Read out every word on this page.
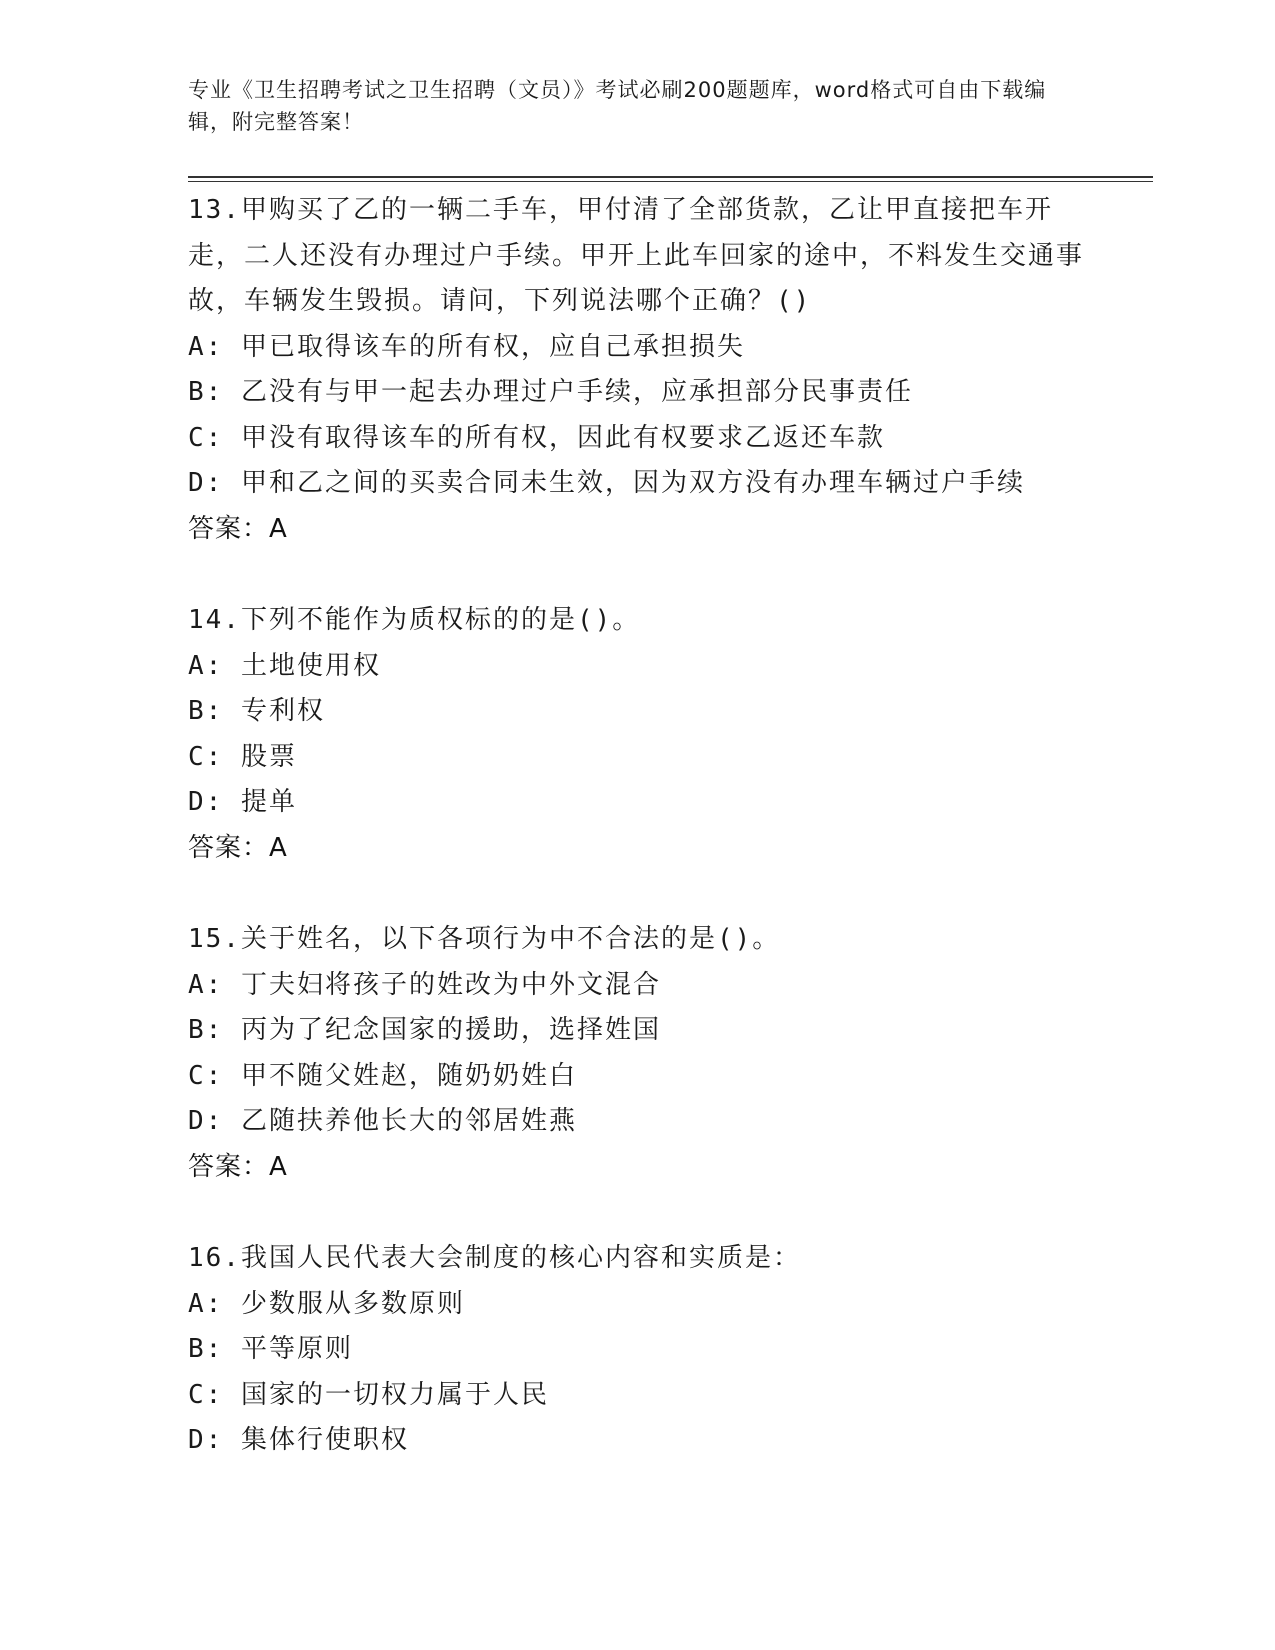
专业《卫生招聘考试之卫生招聘（文员）》考试必刷200题题库，word格式可自由下载编辑，附完整答案！
13.甲购买了乙的一辆二手车，甲付清了全部货款，乙让甲直接把车开走，二人还没有办理过户手续。甲开上此车回家的途中，不料发生交通事故，车辆发生毁损。请问，下列说法哪个正确？()
A: 甲已取得该车的所有权，应自己承担损失
B: 乙没有与甲一起去办理过户手续，应承担部分民事责任
C: 甲没有取得该车的所有权，因此有权要求乙返还车款
D: 甲和乙之间的买卖合同未生效，因为双方没有办理车辆过户手续
答案：A
14.下列不能作为质权标的的是()。
A: 土地使用权
B: 专利权
C: 股票
D: 提单
答案：A
15.关于姓名，以下各项行为中不合法的是()。
A: 丁夫妇将孩子的姓改为中外文混合
B: 丙为了纪念国家的援助，选择姓国
C: 甲不随父姓赵，随奶奶姓白
D: 乙随扶养他长大的邻居姓燕
答案：A
16.我国人民代表大会制度的核心内容和实质是：
A: 少数服从多数原则
B: 平等原则
C: 国家的一切权力属于人民
D: 集体行使职权
